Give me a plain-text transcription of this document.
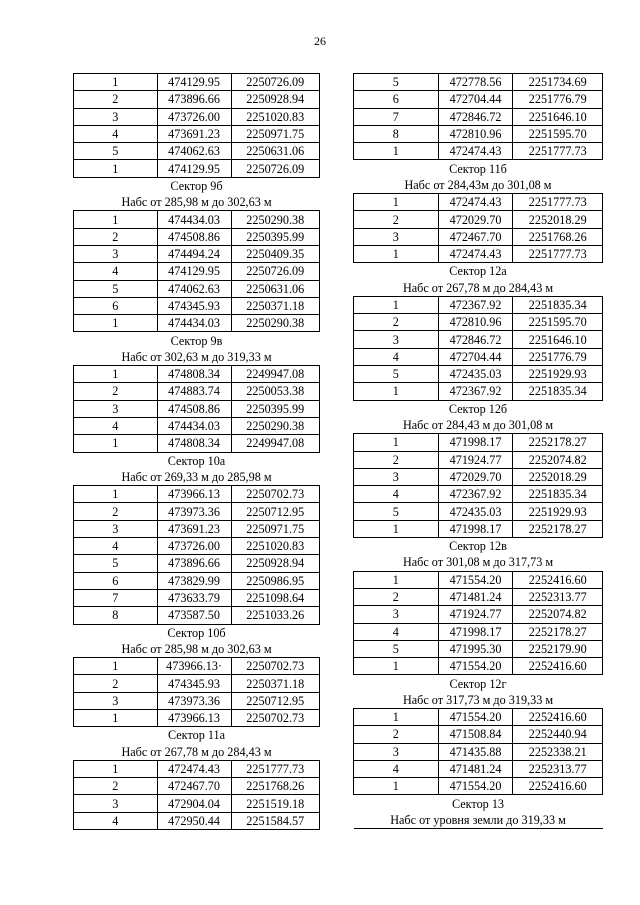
26
1	474129.95	2250726.09
2	473896.66	2250928.94
3	473726.00	2251020.83
4	473691.23	2250971.75
5	474062.63	2250631.06
1	474129.95	2250726.09
Сектор 9б		
Набс от 285,98 м до 302,63 м		
1	474434.03	2250290.38
2	474508.86	2250395.99
3	474494.24	2250409.35
4	474129.95	2250726.09
5	474062.63	2250631.06
6	474345.93	2250371.18
1	474434.03	2250290.38
Сектор 9в		
Набс от 302,63 м до 319,33 м		
1	474808.34	2249947.08
2	474883.74	2250053.38
3	474508.86	2250395.99
4	474434.03	2250290.38
1	474808.34	2249947.08
Сектор 10а		
Набс от 269,33 м до 285,98 м		
1	473966.13	2250702.73
2	473973.36	2250712.95
3	473691.23	2250971.75
4	473726.00	2251020.83
5	473896.66	2250928.94
6	473829.99	2250986.95
7	473633.79	2251098.64
8	473587.50	2251033.26
Сектор 10б		
Набс от 285,98 м до 302,63 м		
1	473966.13·	2250702.73
2	474345.93	2250371.18
3	473973.36	2250712.95
1	473966.13	2250702.73
Сектор 11а		
Набс от 267,78 м до 284,43 м		
1	472474.43	2251777.73
2	472467.70	2251768.26
3	472904.04	2251519.18
4	472950.44	2251584.57
5	472778.56	2251734.69
6	472704.44	2251776.79
7	472846.72	2251646.10
8	472810.96	2251595.70
1	472474.43	2251777.73
Сектор 11б		
Набс от 284,43м до 301,08 м		
1	472474.43	2251777.73
2	472029.70	2252018.29
3	472467.70	2251768.26
1	472474.43	2251777.73
Сектор 12а		
Набс от 267,78 м до 284,43 м		
1	472367.92	2251835.34
2	472810.96	2251595.70
3	472846.72	2251646.10
4	472704.44	2251776.79
5	472435.03	2251929.93
1	472367.92	2251835.34
Сектор 12б		
Набс от 284,43 м до 301,08 м		
1	471998.17	2252178.27
2	471924.77	2252074.82
3	472029.70	2252018.29
4	472367.92	2251835.34
5	472435.03	2251929.93
1	471998.17	2252178.27
Сектор 12в		
Набс от 301,08 м до 317,73 м		
1	471554.20	2252416.60
2	471481.24	2252313.77
3	471924.77	2252074.82
4	471998.17	2252178.27
5	471995.30	2252179.90
1	471554.20	2252416.60
Сектор 12г		
Набс от 317,73 м до 319,33 м		
1	471554.20	2252416.60
2	471508.84	2252440.94
3	471435.88	2252338.21
4	471481.24	2252313.77
1	471554.20	2252416.60
Сектор 13		
Набс от уровня земли до 319,33 м		
